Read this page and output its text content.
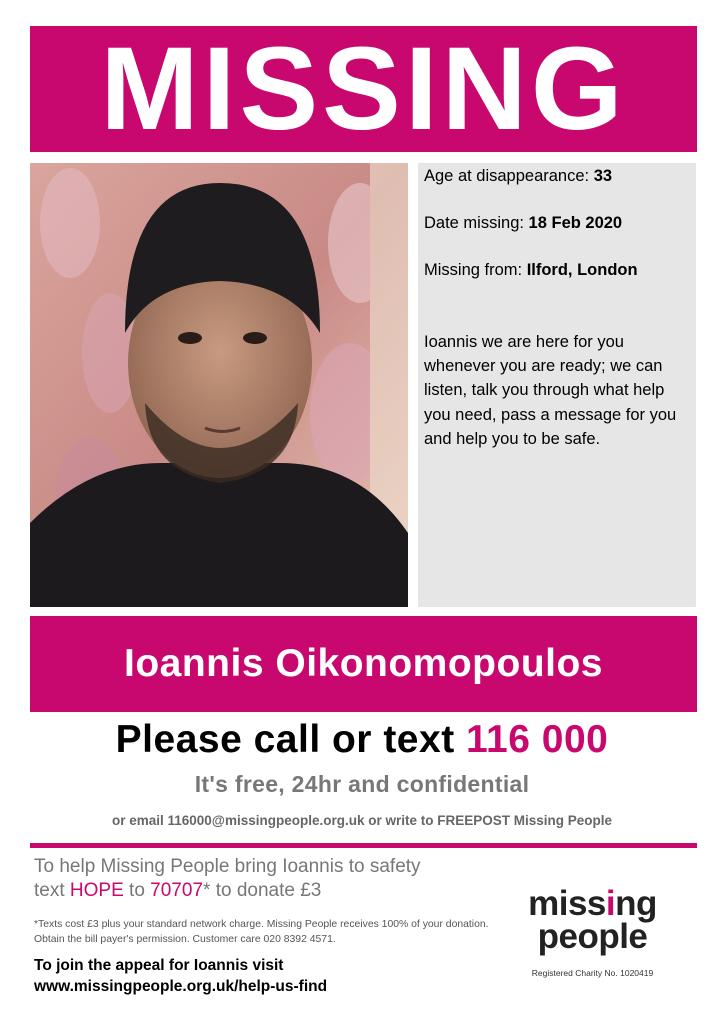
MISSING
Age at disappearance: 33
Date missing: 18 Feb 2020
Missing from: Ilford, London
Ioannis we are here for you whenever you are ready; we can listen, talk you through what help you need, pass a message for you and help you to be safe.
Ioannis Oikonomopoulos
Please call or text 116 000
It's free, 24hr and confidential
or email 116000@missingpeople.org.uk or write to FREEPOST Missing People
To help Missing People bring Ioannis to safety
text HOPE to 70707* to donate £3
*Texts cost £3 plus your standard network charge. Missing People receives 100% of your donation. Obtain the bill payer's permission. Customer care 020 8392 4571.
To join the appeal for Ioannis visit
www.missingpeople.org.uk/help-us-find
missing
people
Registered Charity No. 1020419
